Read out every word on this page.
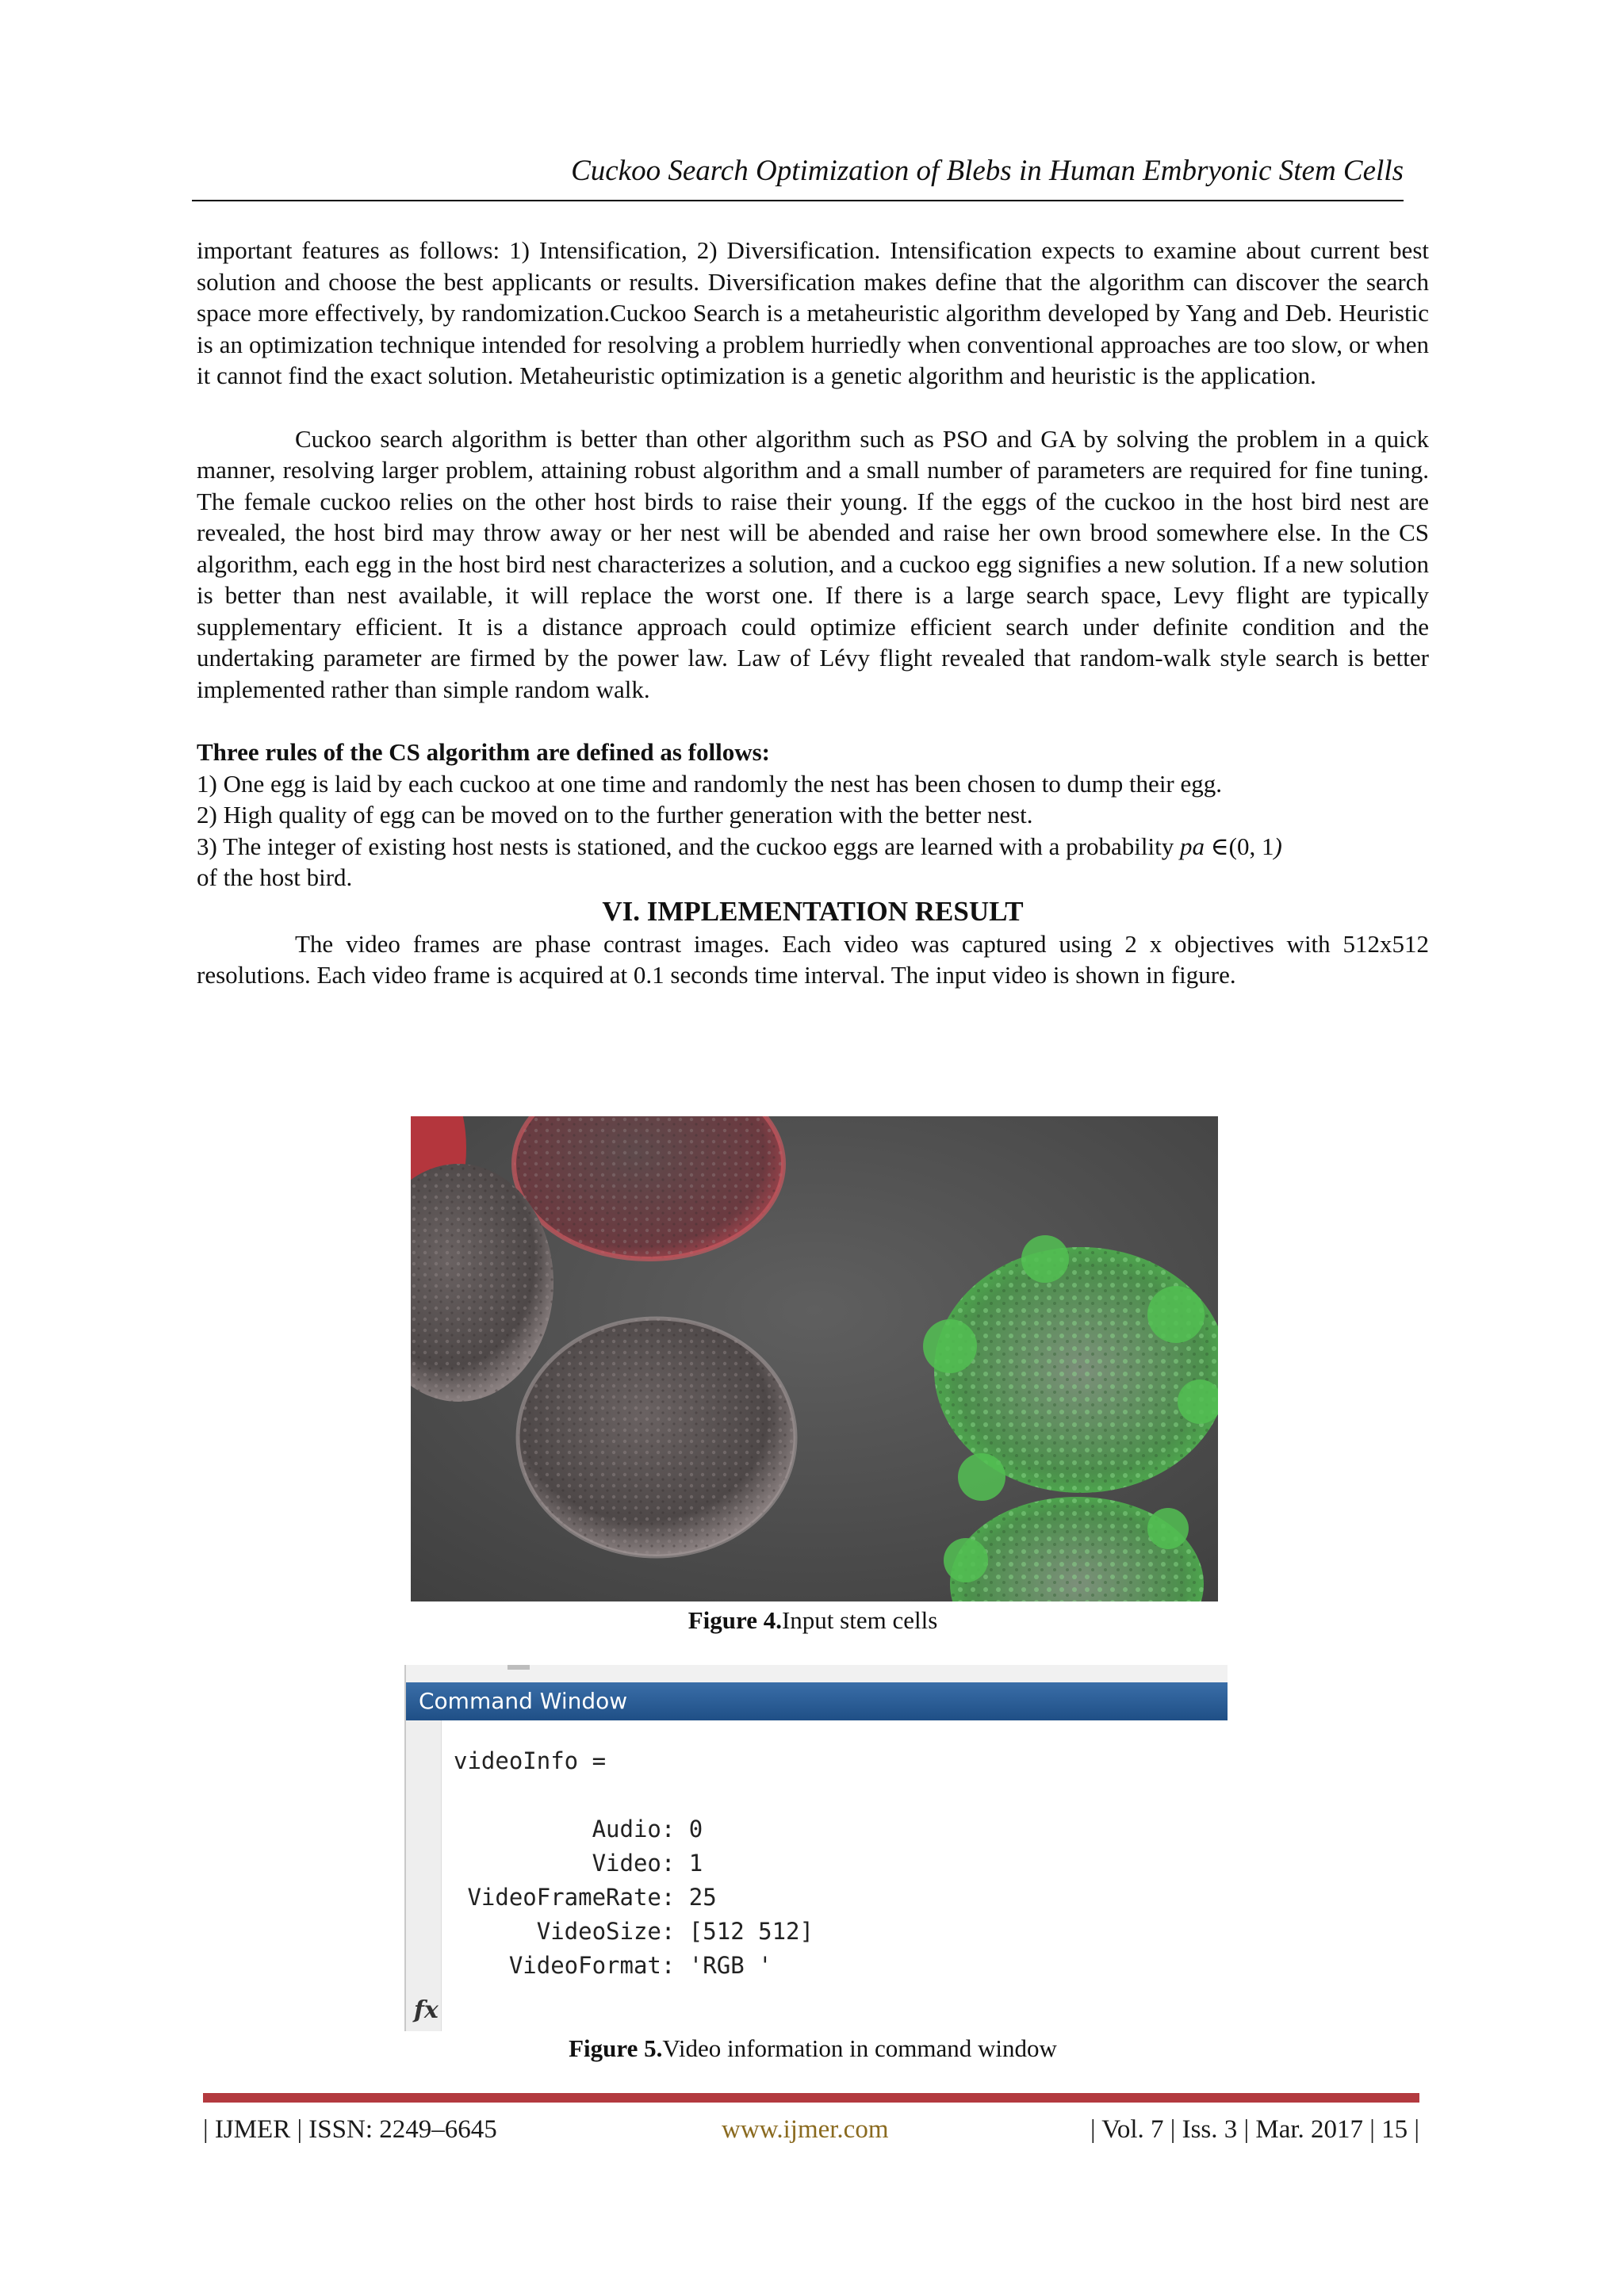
Cuckoo Search Optimization of Blebs in Human Embryonic Stem Cells

important features as follows: 1) Intensification, 2) Diversification. Intensification expects to examine about current best solution and choose the best applicants or results. Diversification makes define that the algorithm can discover the search space more effectively, by randomization.Cuckoo Search is a metaheuristic algorithm developed by Yang and Deb. Heuristic is an optimization technique intended for resolving a problem hurriedly when conventional approaches are too slow, or when it cannot find the exact solution. Metaheuristic optimization is a genetic algorithm and heuristic is the application.

Cuckoo search algorithm is better than other algorithm such as PSO and GA by solving the problem in a quick manner, resolving larger problem, attaining robust algorithm and a small number of parameters are required for fine tuning. The female cuckoo relies on the other host birds to raise their young. If the eggs of the cuckoo in the host bird nest are revealed, the host bird may throw away or her nest will be abended and raise her own brood somewhere else. In the CS algorithm, each egg in the host bird nest characterizes a solution, and a cuckoo egg signifies a new solution. If a new solution is better than nest available, it will replace the worst one. If there is a large search space, Levy flight are typically supplementary efficient. It is a distance approach could optimize efficient search under definite condition and the undertaking parameter are firmed by the power law. Law of Lévy flight revealed that random-walk style search is better implemented rather than simple random walk.

Three rules of the CS algorithm are defined as follows:

1) One egg is laid by each cuckoo at one time and randomly the nest has been chosen to dump their egg.

2) High quality of egg can be moved on to the further generation with the better nest.

3) The integer of existing host nests is stationed, and the cuckoo eggs are learned with a probability pa ∈(0, 1)

of the host bird.

VI. IMPLEMENTATION RESULT

The video frames are phase contrast images. Each video was captured using 2 x objectives with 512x512 resolutions. Each video frame is acquired at 0.1 seconds time interval. The input video is shown in figure.

Figure 4.Input stem cells
Command Window
videoInfo =
Audio: 0
Video: 1
VideoFrameRate: 25
VideoSize: [512 512]
VideoFormat: 'RGB '
fx
Figure 5.Video information in command window
| IJMER | ISSN: 2249–6645	www.ijmer.com	| Vol. 7 | Iss. 3 | Mar. 2017 | 15 |
